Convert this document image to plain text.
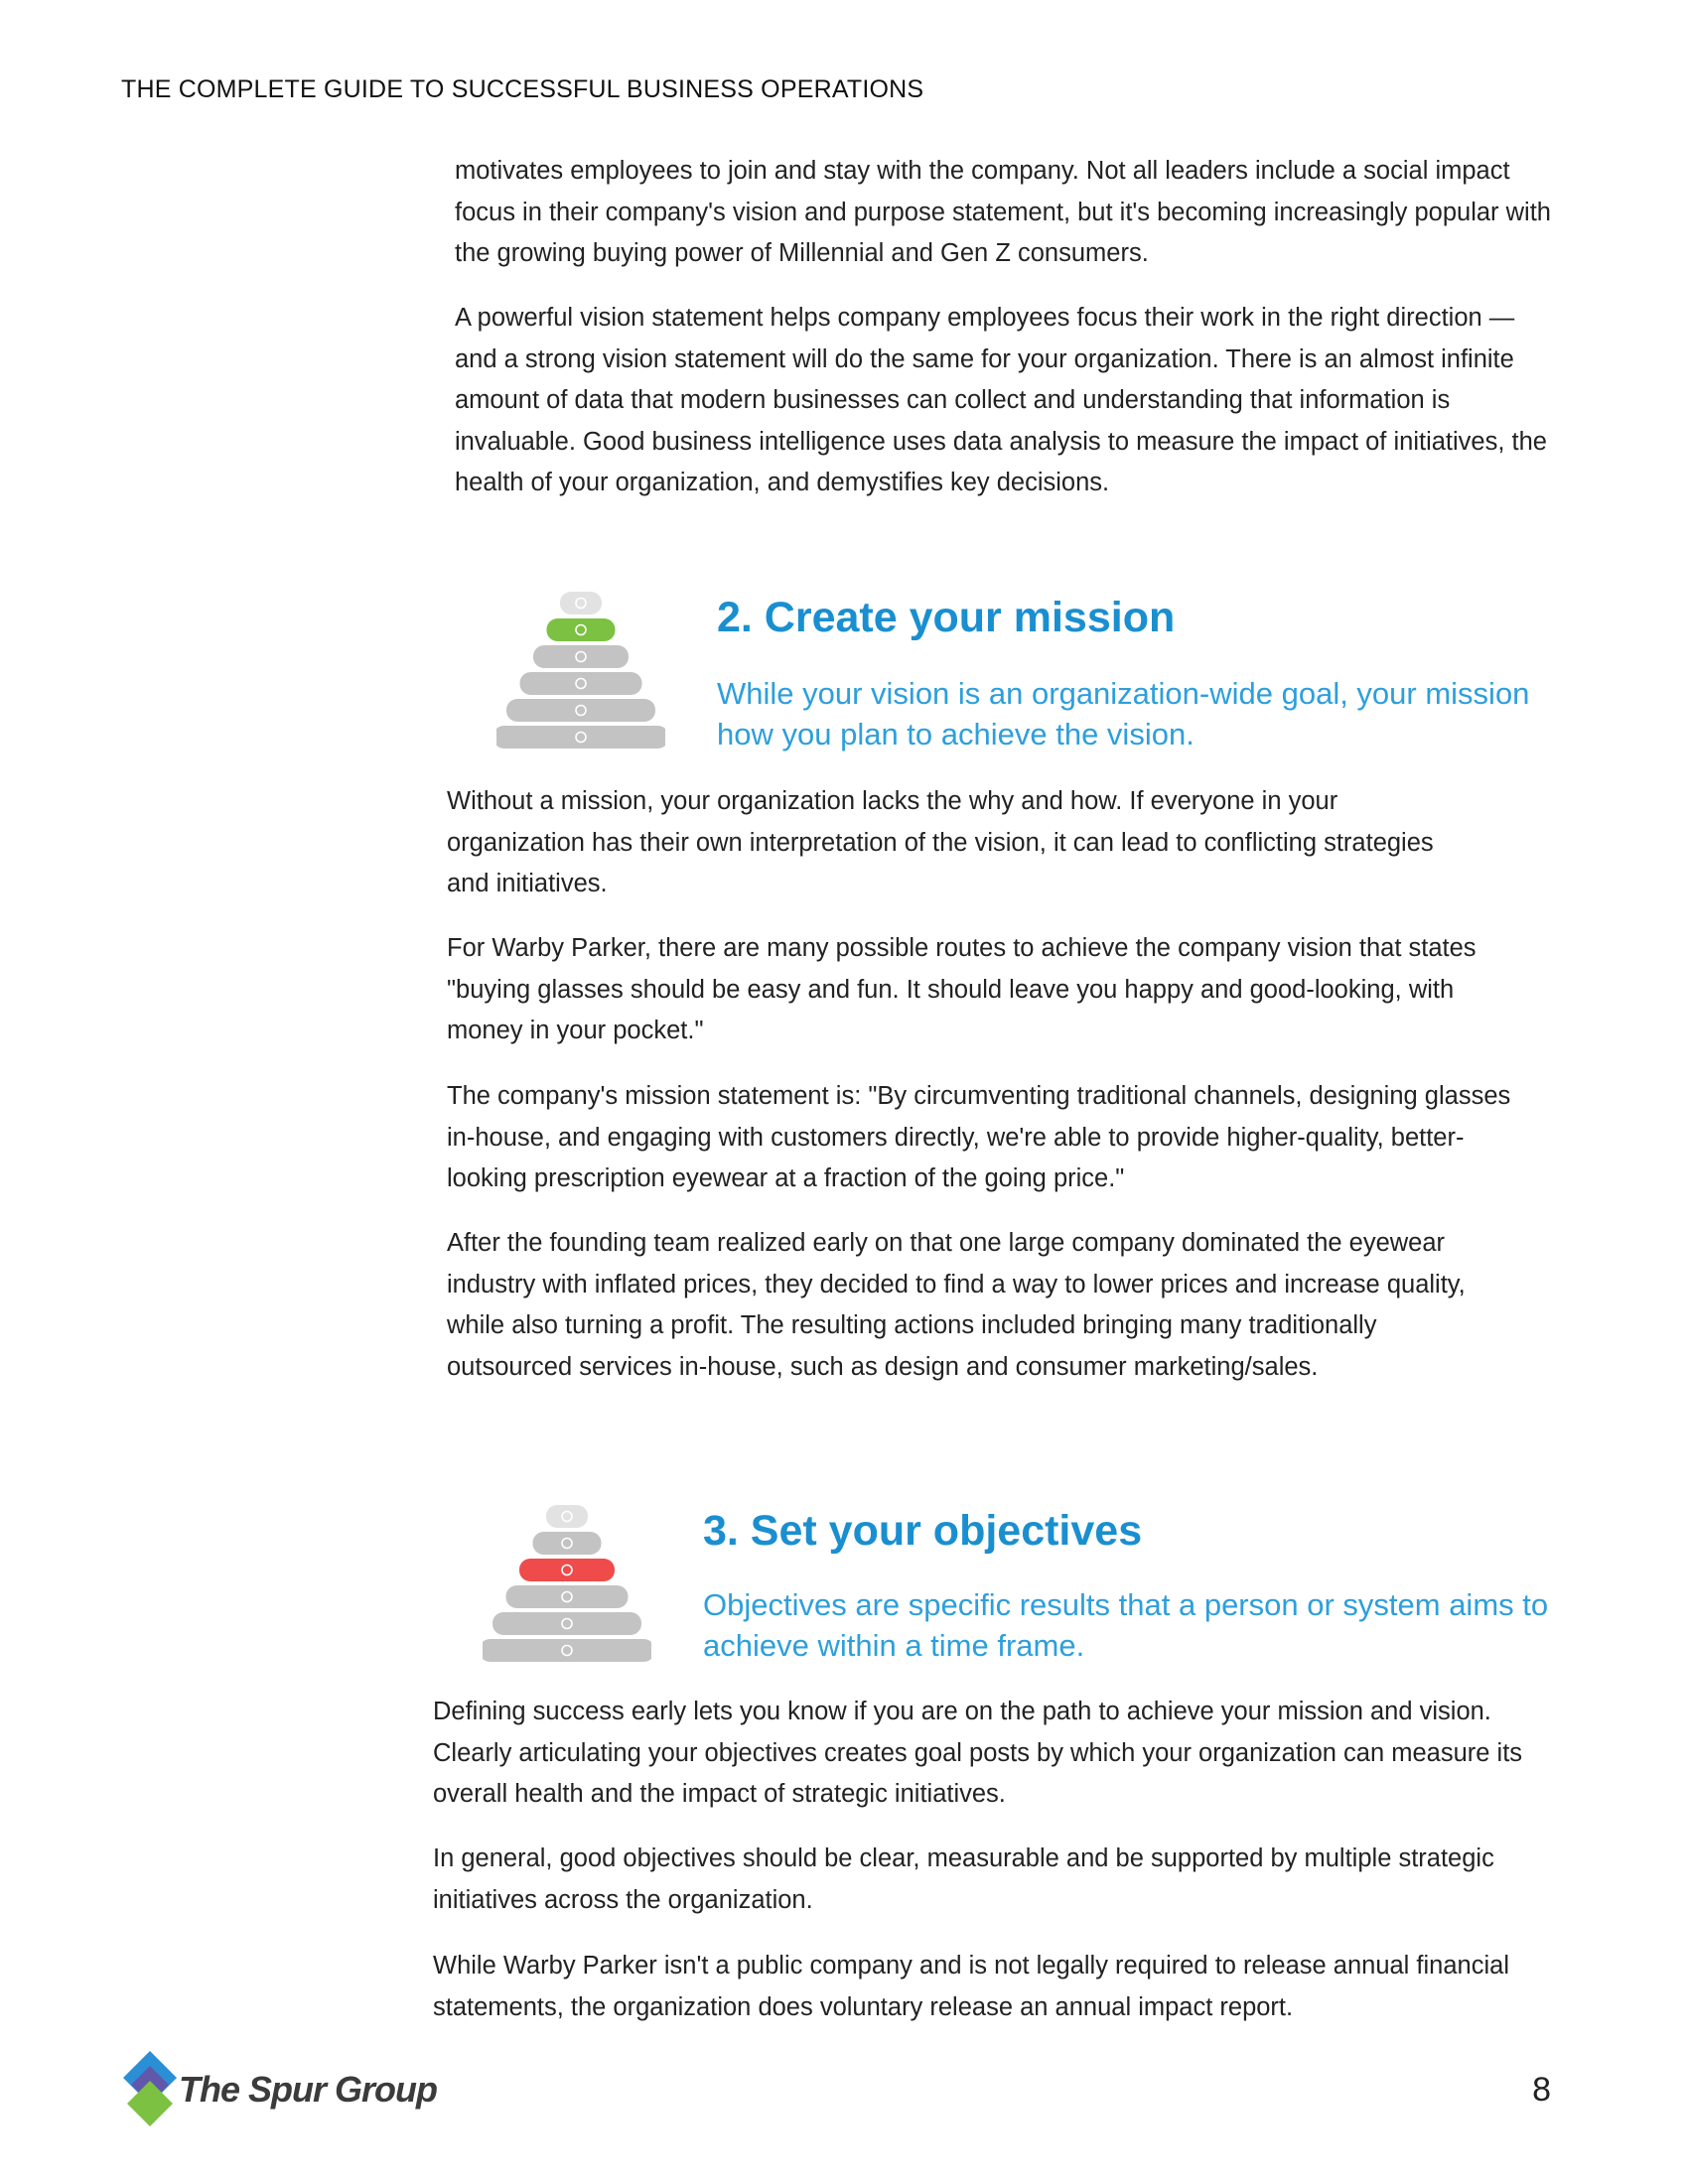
THE COMPLETE GUIDE TO SUCCESSFUL BUSINESS OPERATIONS

motivates employees to join and stay with the company. Not all leaders include a social impact focus in their company's vision and purpose statement, but it's becoming increasingly popular with the growing buying power of Millennial and Gen Z consumers.

A powerful vision statement helps company employees focus their work in the right direction — and a strong vision statement will do the same for your organization. There is an almost infinite amount of data that modern businesses can collect and understanding that information is invaluable. Good business intelligence uses data analysis to measure the impact of initiatives, the health of your organization, and demystifies key decisions.

2. Create your mission

While your vision is an organization-wide goal, your mission how you plan to achieve the vision.

Without a mission, your organization lacks the why and how. If everyone in your organization has their own interpretation of the vision, it can lead to conflicting strategies and initiatives.

For Warby Parker, there are many possible routes to achieve the company vision that states "buying glasses should be easy and fun. It should leave you happy and good-looking, with money in your pocket."

The company's mission statement is: "By circumventing traditional channels, designing glasses in-house, and engaging with customers directly, we're able to provide higher-quality, better-looking prescription eyewear at a fraction of the going price."

After the founding team realized early on that one large company dominated the eyewear industry with inflated prices, they decided to find a way to lower prices and increase quality, while also turning a profit. The resulting actions included bringing many traditionally outsourced services in-house, such as design and consumer marketing/sales.

3. Set your objectives

Objectives are specific results that a person or system aims to achieve within a time frame.

Defining success early lets you know if you are on the path to achieve your mission and vision. Clearly articulating your objectives creates goal posts by which your organization can measure its overall health and the impact of strategic initiatives.

In general, good objectives should be clear, measurable and be supported by multiple strategic initiatives across the organization.

While Warby Parker isn't a public company and is not legally required to release annual financial statements, the organization does voluntary release an annual impact report.

The Spur Group	8
